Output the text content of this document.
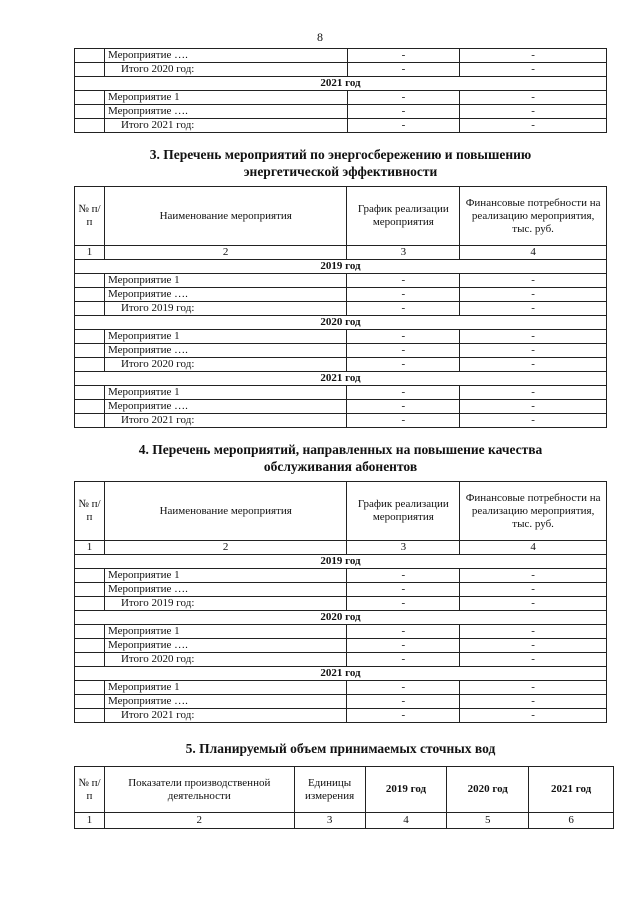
8
	Мероприятие ….	-	-
	Итого 2020 год:	-	-
2021 год			
	Мероприятие 1	-	-
	Мероприятие ….	-	-
	Итого 2021 год:	-	-
3. Перечень мероприятий по энергосбережению и повышению
энергетической эффективности
№ п/п	Наименование мероприятия	График реализации мероприятия	Финансовые потребности на реализацию мероприятия, тыс. руб.
1	2	3	4
2019 год			
	Мероприятие 1	-	-
	Мероприятие ….	-	-
	Итого 2019 год:	-	-
2020 год			
	Мероприятие 1	-	-
	Мероприятие ….	-	-
	Итого 2020 год:	-	-
2021 год			
	Мероприятие 1	-	-
	Мероприятие ….	-	-
	Итого 2021 год:	-	-
4. Перечень мероприятий, направленных на повышение качества
обслуживания абонентов
№ п/п	Наименование мероприятия	График реализации мероприятия	Финансовые потребности на реализацию мероприятия, тыс. руб.
1	2	3	4
2019 год			
	Мероприятие 1	-	-
	Мероприятие ….	-	-
	Итого 2019 год:	-	-
2020 год			
	Мероприятие 1	-	-
	Мероприятие ….	-	-
	Итого 2020 год:	-	-
2021 год			
	Мероприятие 1	-	-
	Мероприятие ….	-	-
	Итого 2021 год:	-	-
5. Планируемый объем принимаемых сточных вод
№ п/п	Показатели производственной деятельности	Единицы измерения	2019 год	2020 год	2021 год
1	2	3	4	5	6
